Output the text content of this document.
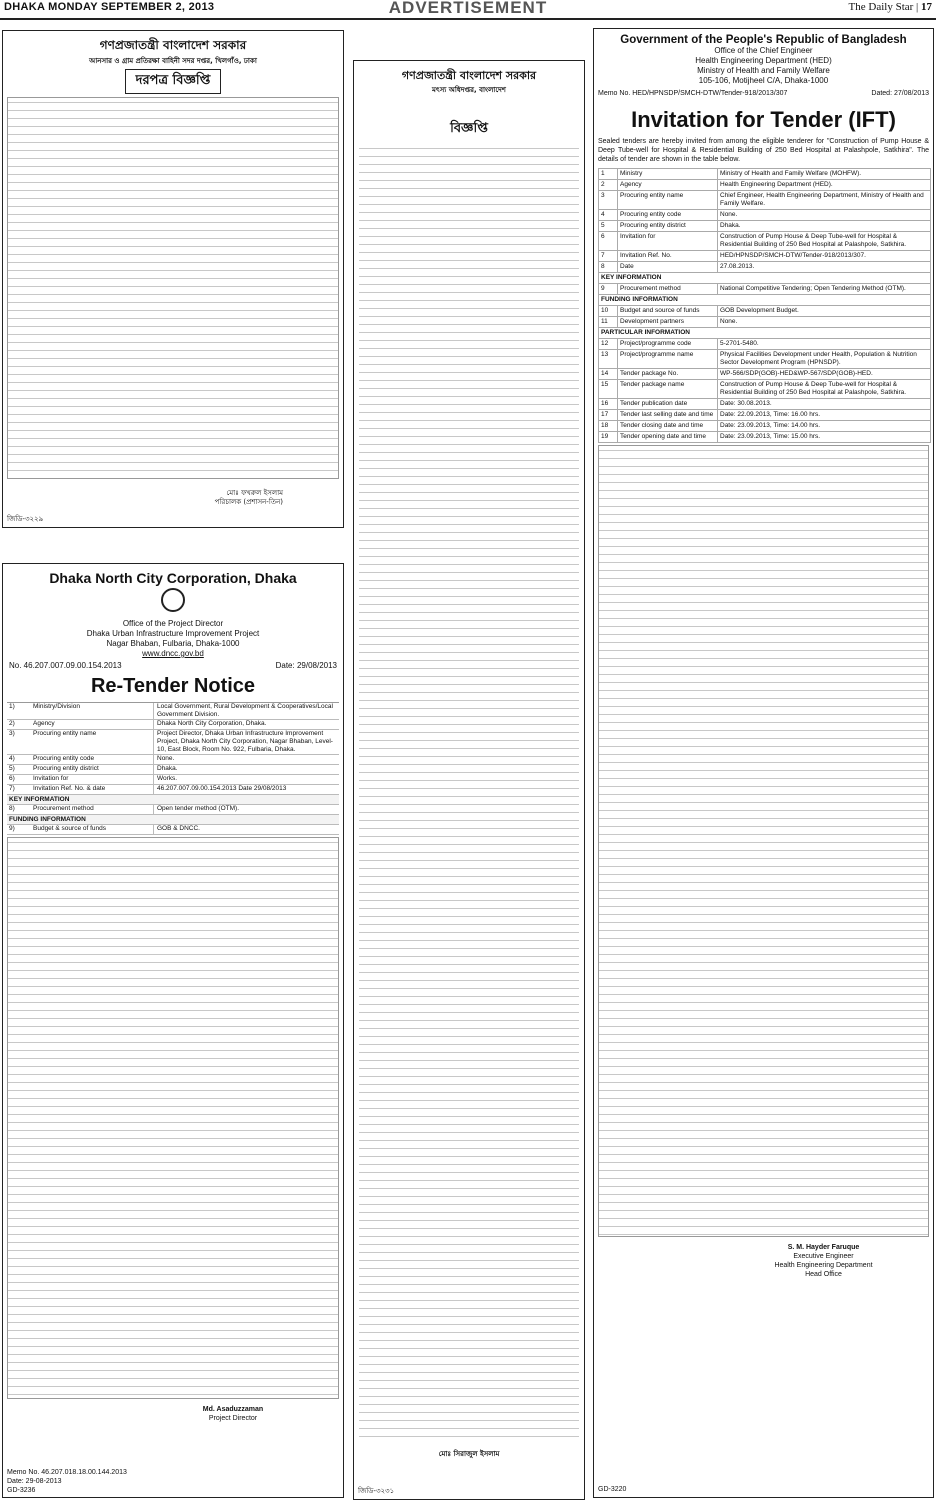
DHAKA MONDAY SEPTEMBER 2, 2013	ADVERTISEMENT	The Daily Star | 17
গণপ্রজাতন্ত্রী বাংলাদেশ সরকার
আনসার ও গ্রাম প্রতিরক্ষা বাহিনী সদর দপ্তর, খিলগাঁও, ঢাকা
দরপত্র বিজ্ঞপ্তি
মোঃ ফখরুল ইসলাম
পরিচালক (প্রশাসন-তিন)
জিডি-৩২২৯
Dhaka North City Corporation, Dhaka
Office of the Project Director
Dhaka Urban Infrastructure Improvement Project
Nagar Bhaban, Fulbaria, Dhaka-1000
www.dncc.gov.bd
No. 46.207.007.09.00.154.2013	Date: 29/08/2013
Re-Tender Notice
1)	Ministry/Division	Local Government, Rural Development & Cooperatives/Local Government Division.
2)	Agency	Dhaka North City Corporation, Dhaka.
3)	Procuring entity name	Project Director, Dhaka Urban Infrastructure Improvement Project, Dhaka North City Corporation, Nagar Bhaban, Level-10, East Block, Room No. 922, Fulbaria, Dhaka.
4)	Procuring entity code	None.
5)	Procuring entity district	Dhaka.
6)	Invitation for	Works.
7)	Invitation Ref. No. & date	46.207.007.09.00.154.2013 Date 29/08/2013
KEY INFORMATION
8)	Procurement method	Open tender method (OTM).
FUNDING INFORMATION
9)	Budget & source of funds	GOB & DNCC.
Md. Asaduzzaman
Project Director
Memo No. 46.207.018.18.00.144.2013
Date: 29-08-2013
GD-3236
গণপ্রজাতন্ত্রী বাংলাদেশ সরকার
মৎস্য অধিদপ্তর, বাংলাদেশ
বিজ্ঞপ্তি
মোঃ সিরাজুল ইসলাম
জিডি-৩২৩১
Government of the People's Republic of Bangladesh
Office of the Chief Engineer
Health Engineering Department (HED)
Ministry of Health and Family Welfare
105-106, Motijheel C/A, Dhaka-1000
Memo No. HED/HPNSDP/SMCH-DTW/Tender-918/2013/307	Dated: 27/08/2013
Invitation for Tender (IFT)
Sealed tenders are hereby invited from among the eligible tenderer for "Construction of Pump House & Deep Tube-well for Hospital & Residential Building of 250 Bed Hospital at Palashpole, Satkhira". The details of tender are shown in the table below.
1	Ministry	Ministry of Health and Family Welfare (MOHFW).
2	Agency	Health Engineering Department (HED).
3	Procuring entity name	Chief Engineer, Health Engineering Department, Ministry of Health and Family Welfare.
4	Procuring entity code	None.
5	Procuring entity district	Dhaka.
6	Invitation for	Construction of Pump House & Deep Tube-well for Hospital & Residential Building of 250 Bed Hospital at Palashpole, Satkhira.
7	Invitation Ref. No.	HED/HPNSDP/SMCH-DTW/Tender-918/2013/307.
8	Date	27.08.2013.
KEY INFORMATION		
9	Procurement method	National Competitive Tendering; Open Tendering Method (OTM).
FUNDING INFORMATION		
10	Budget and source of funds	GOB Development Budget.
11	Development partners	None.
PARTICULAR INFORMATION		
12	Project/programme code	5-2701-5480.
13	Project/programme name	Physical Facilities Development under Health, Population & Nutrition Sector Development Program (HPNSDP).
14	Tender package No.	WP-566/SDP(GOB)-HED&WP-567/SDP(GOB)-HED.
15	Tender package name	Construction of Pump House & Deep Tube-well for Hospital & Residential Building of 250 Bed Hospital at Palashpole, Satkhira.
16	Tender publication date	Date: 30.08.2013.
17	Tender last selling date and time	Date: 22.09.2013, Time: 16.00 hrs.
18	Tender closing date and time	Date: 23.09.2013, Time: 14.00 hrs.
19	Tender opening date and time	Date: 23.09.2013, Time: 15.00 hrs.
S. M. Hayder Faruque
Executive Engineer
Health Engineering Department
Head Office
GD-3220
